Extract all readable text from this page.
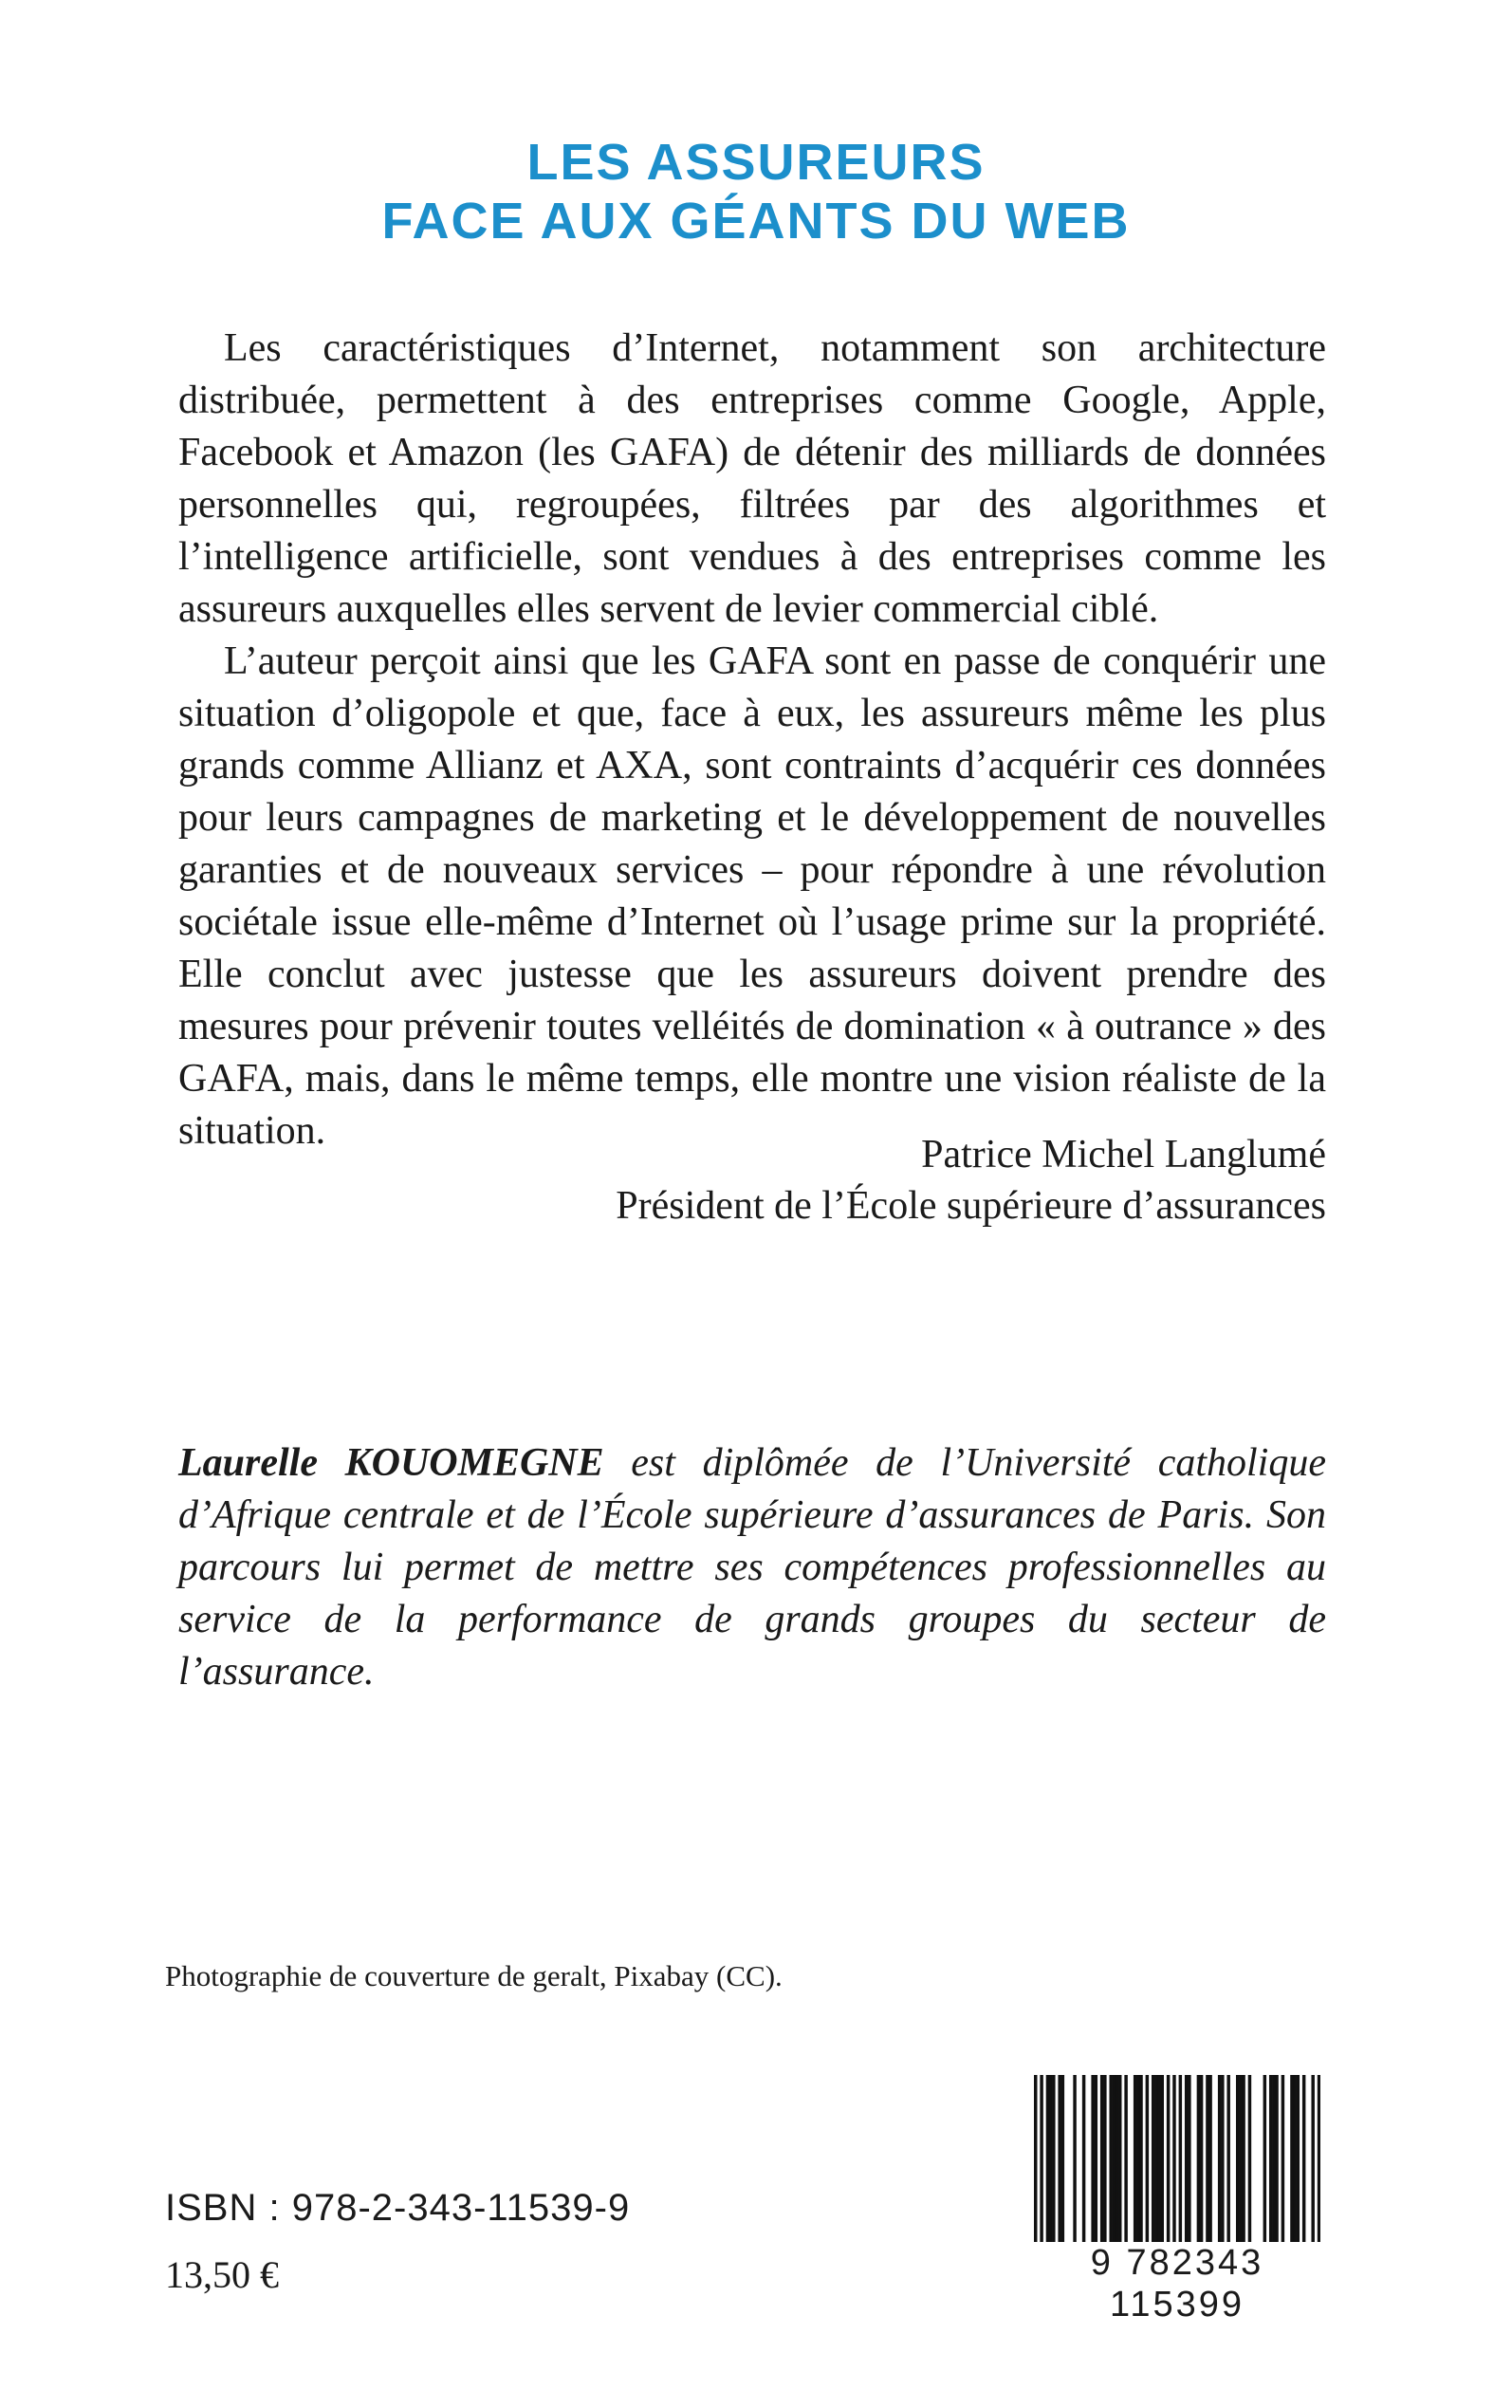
LES ASSUREURS
FACE AUX GÉANTS DU WEB

Les caractéristiques d’Internet, notamment son architecture distribuée, permettent à des entreprises comme Google, Apple, Facebook et Amazon (les GAFA) de détenir des milliards de données personnelles qui, regroupées, filtrées par des algorithmes et l’intelligence artificielle, sont vendues à des entreprises comme les assureurs auxquelles elles servent de levier commercial ciblé.

L’auteur perçoit ainsi que les GAFA sont en passe de conquérir une situation d’oligopole et que, face à eux, les assureurs même les plus grands comme Allianz et AXA, sont contraints d’acquérir ces données pour leurs campagnes de marketing et le développement de nouvelles garanties et de nouveaux services – pour répondre à une révolution sociétale issue elle-même d’Internet où l’usage prime sur la propriété. Elle conclut avec justesse que les assureurs doivent prendre des mesures pour prévenir toutes velléités de domination « à outrance » des GAFA, mais, dans le même temps, elle montre une vision réaliste de la situation.

Patrice Michel Langlumé
Président de l’École supérieure d’assurances
Laurelle KOUOMEGNE est diplômée de l’Université catholique d’Afrique centrale et de l’École supérieure d’assurances de Paris. Son parcours lui permet de mettre ses compétences professionnelles au service de la performance de grands groupes du secteur de l’assurance.
Photographie de couverture de geralt, Pixabay (CC).
ISBN : 978-2-343-11539-9
13,50 €	9 782343 115399
